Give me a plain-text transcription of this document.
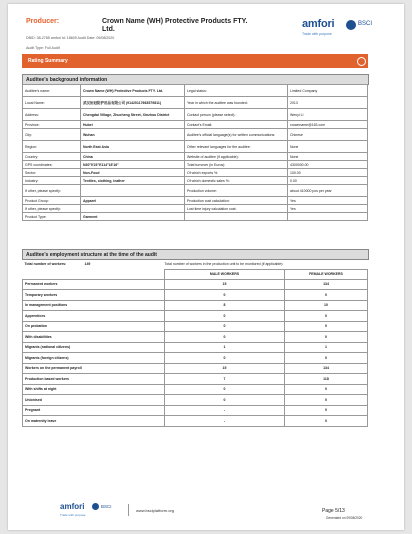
Producer:	Crown Name (WH) Protective Products FTY. Ltd.
DBID: 38-2785 amfori Id: 18609 Audit Date: 09/08/2020
Audit Type: Full Audit
amfori	BSCI
Trade with purpose
Rating Summary
Auditee's background information
Auditee's name:	Crown Name (WH) Protective Products FTY. Ltd.	Legal status:	Limited Company
Local Name:	武汉协冠防护用品有限公司 (91420117663579811)	Year in which the auditee was founded:	2013
Address:	Chengdai Village, Zhucheng Street, Xinzhou District	Contact person (please select):	Wenyi Li
Province:	Hubei	Contact's Email:	crownname@163.com
City:	Wuhan	Auditee's official language(s) for written communications:	Chinese
Region:	North East Asia	Other relevant languages for the auditee:	None
Country:	China	Website of auditee (if applicable):	None
GPS coordinates:	N30°5'23"E114°18'16"	Total turnover (in Euros):	4300000.00
Sector:	Non-Food	Of which exports %:	100.00
Industry:	Textiles, clothing, leather	Of which domestic sales %:	0.00
If other, please specify:		Production volume:	about 410000 pcs per year
Product Group:	Apparel	Production cost calculation:	Yes
If other, please specify:		Lost time injury calculation cost:	Yes
Product Type:	Garment		
Auditee's employment structure at the time of the audit
Total number of workers: 149 Total number of workers in the production unit to be monitored (if applicable):		

	MALE WORKERS	FEMALE WORKERS
Permanent workers	15	134
Temporary workers	0	0
In management positions	8	10
Apprentices	0	0
On probation	0	0
With disabilities	0	0
Migrants (national citizens)	1	1
Migrants (foreign citizens)	0	0
Workers on the permanent payroll	15	134
Production based workers	7	118
With shifts at night	0	0
Unionised	0	0
Pregnant	-	0
On maternity leave	-	0
amfori	BSCI
Trade with purpose
www.bsciplatform.org	Page 5/13
Generated on 09/08/2020
